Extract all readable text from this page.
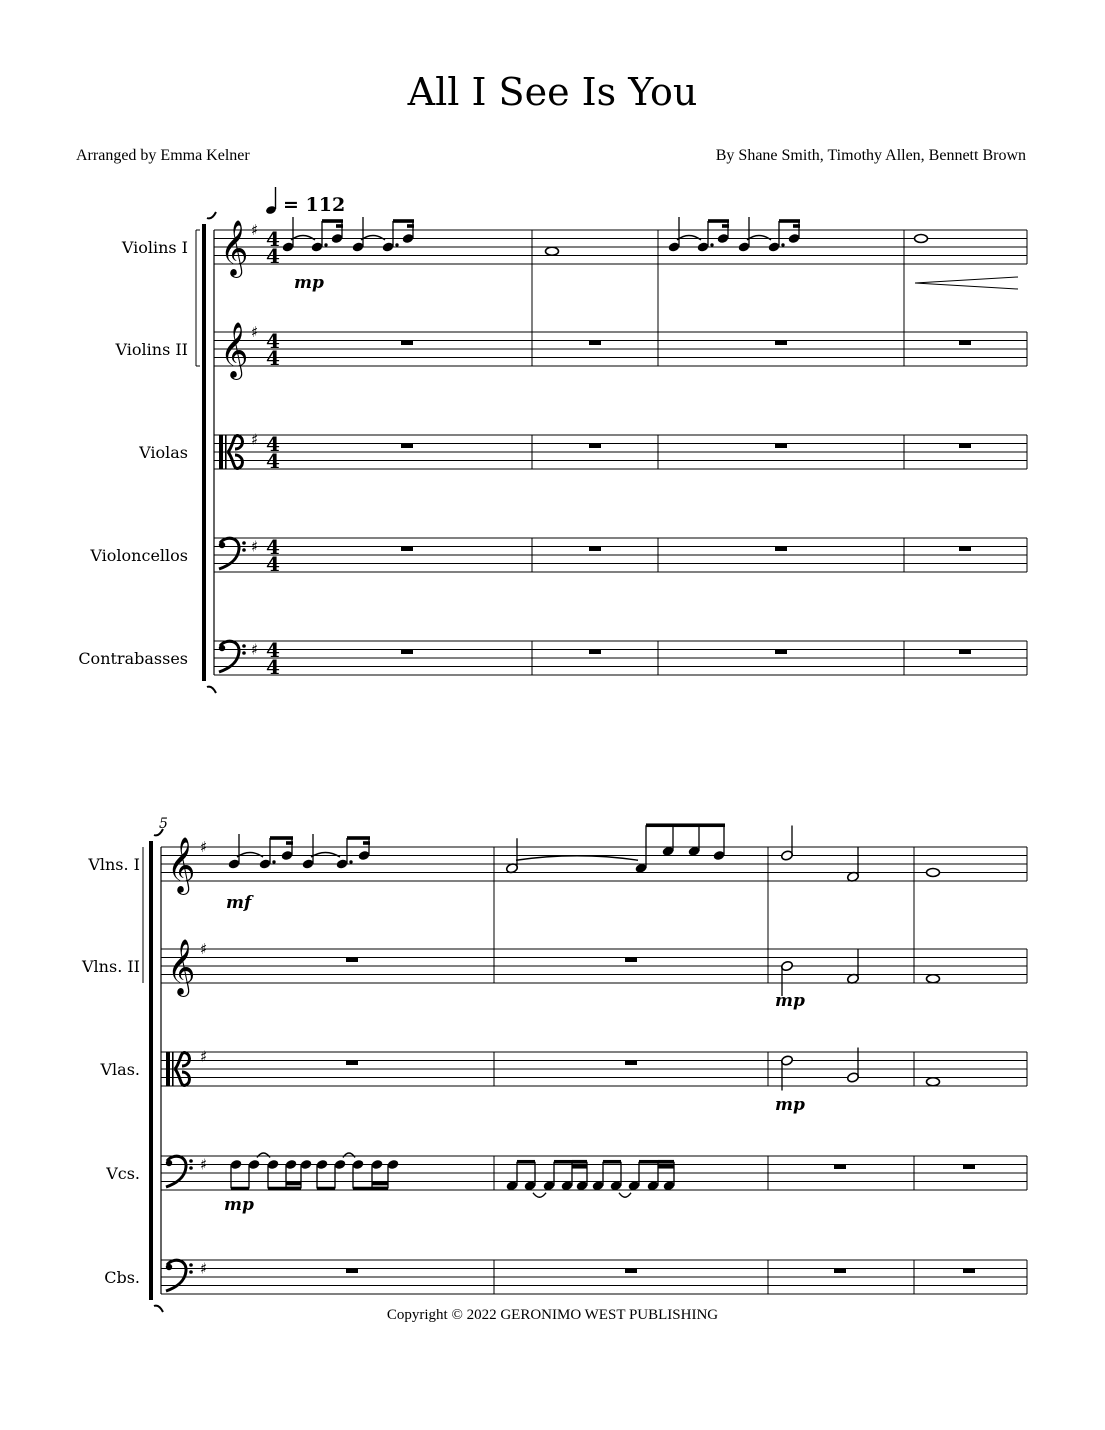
All I See Is You
Arranged by Emma Kelner	By Shane Smith, Timothy Allen, Bennett Brown
= 112
Violins I 𝄞 ♯ 4
4
Violins II 𝄞 ♯ 4
4
Violas
♯ 4
4
Violoncellos	♯ 4
4
Contrabasses	♯ 4
4
mp
5
Vlns. I 𝄞 ♯
Vlns. II 𝄞 ♯
Vlas.
♯
Vcs.	♯
Cbs.	♯
mf
mp
mp
mp
Copyright © 2022 GERONIMO WEST PUBLISHING
